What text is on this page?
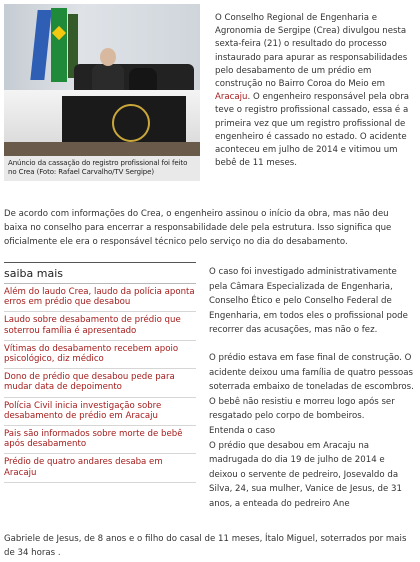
Anúncio da cassação do registro profissional foi feito no Crea (Foto: Rafael Carvalho/TV Sergipe)

O Conselho Regional de Engenharia e Agronomia de Sergipe (Crea) divulgou nesta sexta-feira (21) o resultado do processo instaurado para apurar as responsabilidades pelo desabamento de um prédio em construção no Bairro Coroa do Meio em Aracaju. O engenheiro responsável pela obra teve o registro profissional cassado, essa é a primeira vez que um registro profissional de engenheiro é cassado no estado. O acidente aconteceu em julho de 2014 e vitimou um bebê de 11 meses.

De acordo com informações do Crea, o engenheiro assinou o início da obra, mas não deu baixa no conselho para encerrar a responsabilidade dele pela estrutura. Isso significa que oficialmente ele era o responsável técnico pelo serviço no dia do desabamento.

saiba mais
Além do laudo Crea, laudo da polícia aponta erros em prédio que desabou
Laudo sobre desabamento de prédio que soterrou família é apresentado
Vítimas do desabamento recebem apoio psicológico, diz médico
Dono de prédio que desabou pede para mudar data de depoimento
Polícia Civil inicia investigação sobre desabamento de prédio em Aracaju
Pais são informados sobre morte de bebê após desabamento
Prédio de quatro andares desaba em Aracaju

O caso foi investigado administrativamente pela Câmara Especializada de Engenharia, Conselho Ético e pelo Conselho Federal de Engenharia, em todos eles o profissional pode recorrer das acusações, mas não o fez.

O prédio estava em fase final de construção. O acidente deixou uma família de quatro pessoas soterrada embaixo de toneladas de escombros. O bebê não resistiu e morreu logo após ser resgatado pelo corpo de bombeiros.

Entenda o caso
O prédio que desabou em Aracaju na madrugada do dia 19 de julho de 2014 e deixou o servente de pedreiro, Josevaldo da Silva, 24, sua mulher, Vanice de Jesus, de 31 anos, a enteada do pedreiro Ane

Gabriele de Jesus, de 8 anos e o filho do casal de 11 meses, Ítalo Miguel, soterrados por mais de 34 horas .
